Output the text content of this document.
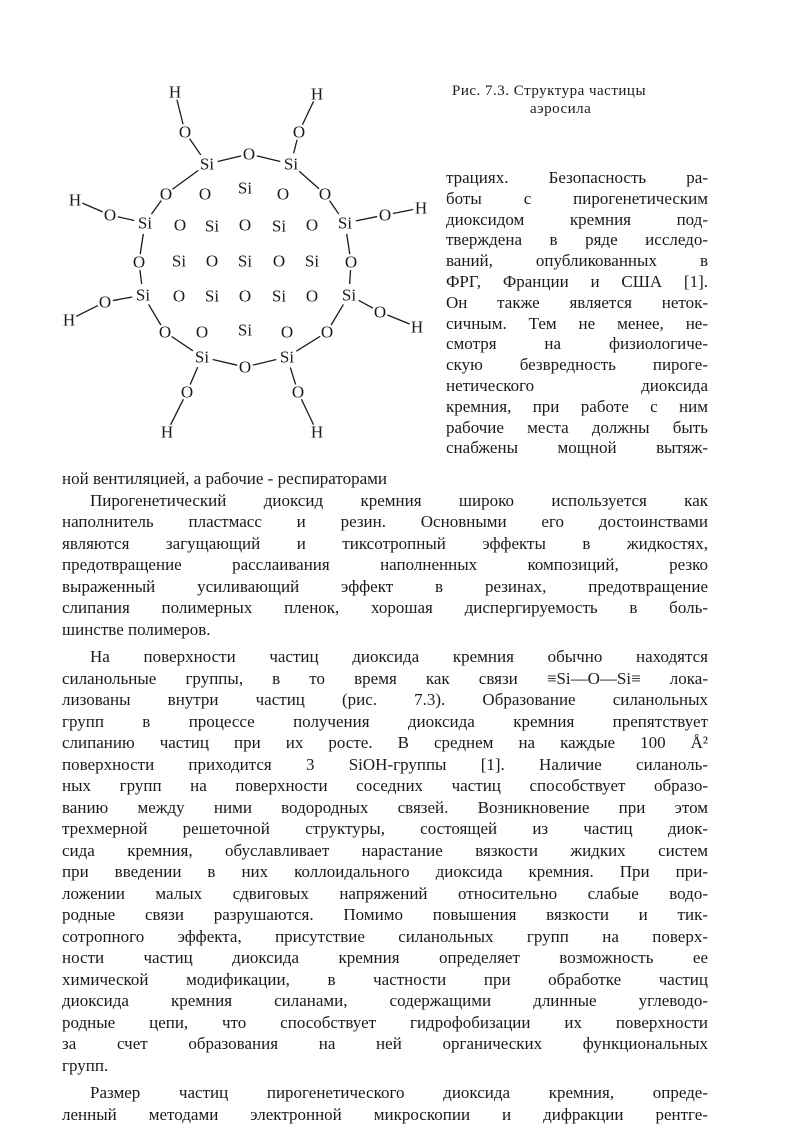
H	H
O	O
Si
O
Si
O	O
H
O Si	Si O H
O	O
Si	Si
O
H	O
H
O	O
Si
O
Si
O	O
H	H
O Si O
O Si O Si O
Si O Si O Si
O Si O Si O
O Si O
Рис. 7.3. Структура частицы
аэросила
трациях. Безопасность ра-
боты с пирогенетическим
диоксидом кремния под-
тверждена в ряде исследо-
ваний, опубликованных в
ФРГ, Франции и США [1].
Он также является неток-
сичным. Тем не менее, не-
смотря на физиологиче-
скую безвредность пироге-
нетического диоксида
кремния, при работе с ним
рабочие места должны быть
снабжены мощной вытяж-

ной вентиляцией, а рабочие - респираторами

Пирогенетический диоксид кремния широко используется как
наполнитель пластмасс и резин. Основными его достоинствами
являются загущающий и тиксотропный эффекты в жидкостях,
предотвращение расслаивания наполненных композиций, резко
выраженный усиливающий эффект в резинах, предотвращение
слипания полимерных пленок, хорошая диспергируемость в боль-
шинстве полимеров.

На поверхности частиц диоксида кремния обычно находятся
силанольные группы, в то время как связи ≡Si—O—Si≡ лока-
лизованы внутри частиц (рис. 7.3). Образование силанольных
групп в процессе получения диоксида кремния препятствует
слипанию частиц при их росте. В среднем на каждые 100 Å²
поверхности приходится 3 SiOH-группы [1]. Наличие силаноль-
ных групп на поверхности соседних частиц способствует образо-
ванию между ними водородных связей. Возникновение при этом
трехмерной решеточной структуры, состоящей из частиц диок-
сида кремния, обуславливает нарастание вязкости жидких систем
при введении в них коллоидального диоксида кремния. При при-
ложении малых сдвиговых напряжений относительно слабые водо-
родные связи разрушаются. Помимо повышения вязкости и тик-
сотропного эффекта, присутствие силанольных групп на поверх-
ности частиц диоксида кремния определяет возможность ее
химической модификации, в частности при обработке частиц
диоксида кремния силанами, содержащими длинные углеводо-
родные цепи, что способствует гидрофобизации их поверхности
за счет образования на ней органических функциональных
групп.

Размер частиц пирогенетического диоксида кремния, опреде-
ленный методами электронной микроскопии и дифракции рентге-
